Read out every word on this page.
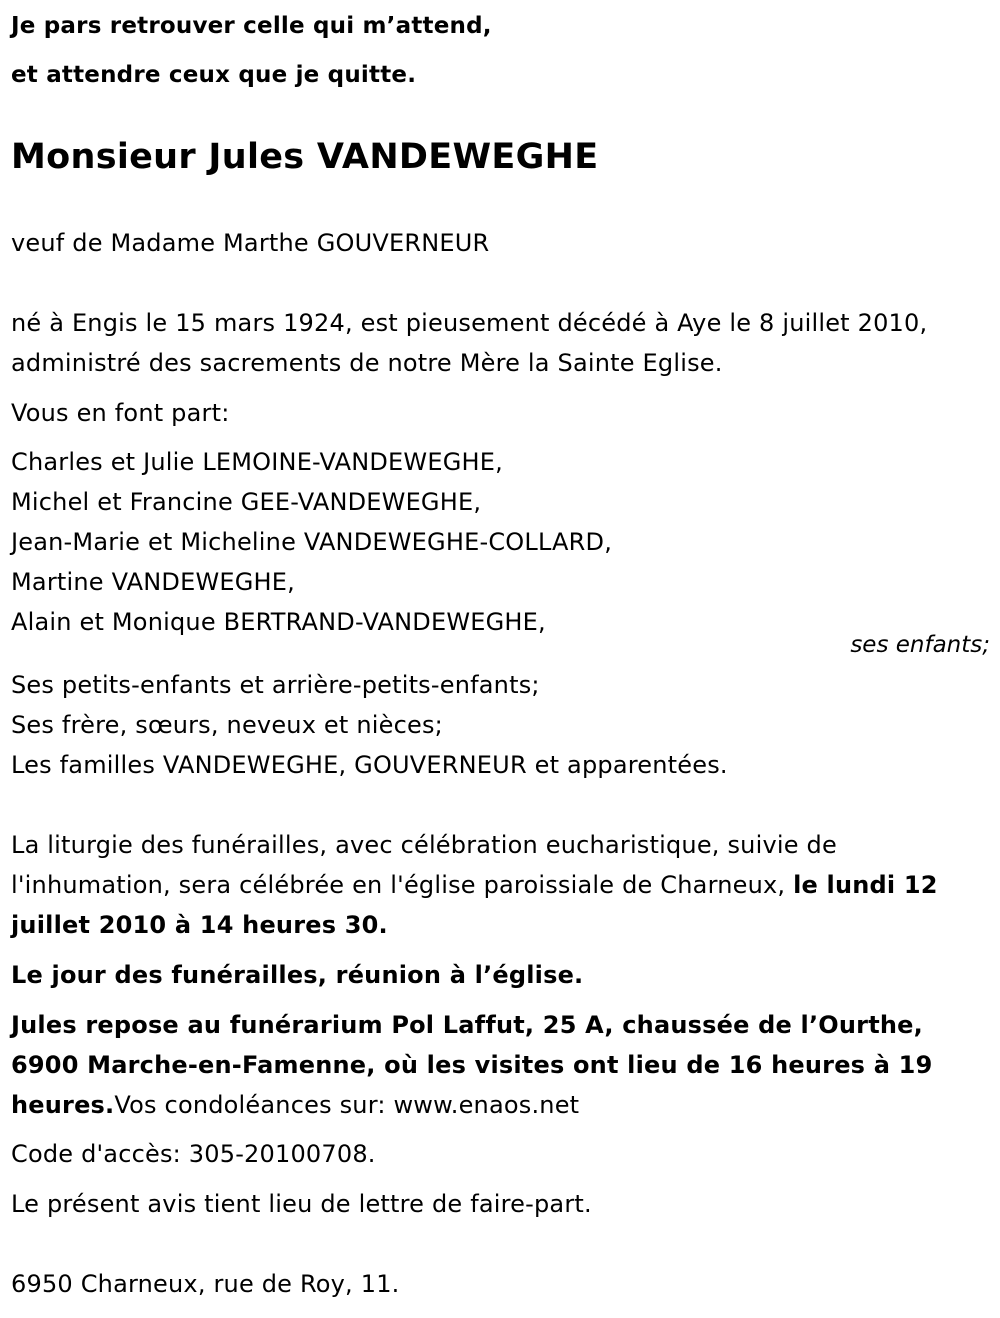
Je pars retrouver celle qui m’attend,
et attendre ceux que je quitte.
Monsieur Jules VANDEWEGHE
veuf de Madame Marthe GOUVERNEUR
né à Engis le 15 mars 1924, est pieusement décédé à Aye le 8 juillet 2010,
administré des sacrements de notre Mère la Sainte Eglise.
Vous en font part:
Charles et Julie LEMOINE-VANDEWEGHE,
Michel et Francine GEE-VANDEWEGHE,
Jean-Marie et Micheline VANDEWEGHE-COLLARD,
Martine VANDEWEGHE,
Alain et Monique BERTRAND-VANDEWEGHE,
ses enfants;
Ses petits-enfants et arrière-petits-enfants;
Ses frère, sœurs, neveux et nièces;
Les familles VANDEWEGHE, GOUVERNEUR et apparentées.
La liturgie des funérailles, avec célébration eucharistique, suivie de
l'inhumation, sera célébrée en l'église paroissiale de Charneux, le lundi 12
juillet 2010 à 14 heures 30.
Le jour des funérailles, réunion à l’église.
Jules repose au funérarium Pol Laffut, 25 A, chaussée de l’Ourthe,
6900 Marche-en-Famenne, où les visites ont lieu de 16 heures à 19
heures.Vos condoléances sur: www.enaos.net
Code d'accès: 305-20100708.
Le présent avis tient lieu de lettre de faire-part.
6950 Charneux, rue de Roy, 11.
